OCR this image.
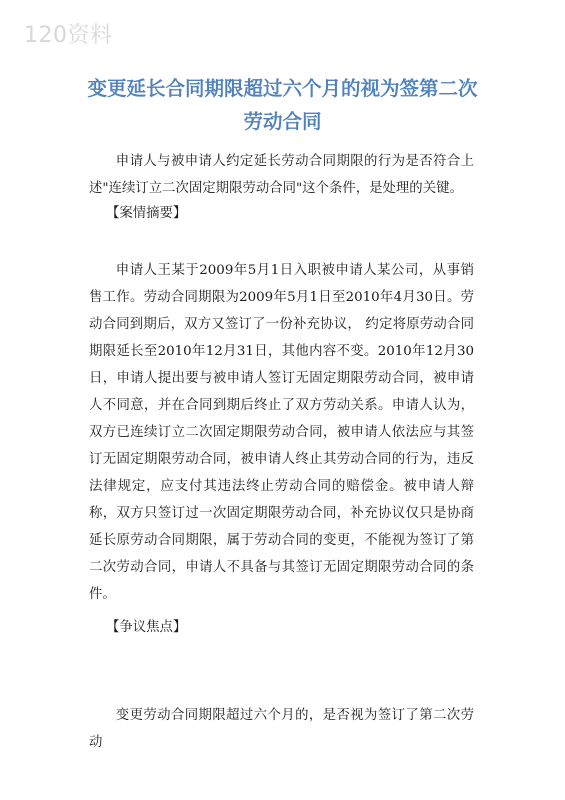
120资料
变更延长合同期限超过六个月的视为签第二次劳动合同

申请人与被申请人约定延长劳动合同期限的行为是否符合上述"连续订立二次固定期限劳动合同"这个条件，是处理的关键。

【案情摘要】

申请人王某于2009年5月1日入职被申请人某公司，从事销售工作。劳动合同期限为2009年5月1日至2010年4月30日。劳动合同到期后，双方又签订了一份补充协议， 约定将原劳动合同期限延长至2010年12月31日，其他内容不变。2010年12月30日，申请人提出要与被申请人签订无固定期限劳动合同，被申请人不同意，并在合同到期后终止了双方劳动关系。申请人认为，双方已连续订立二次固定期限劳动合同，被申请人依法应与其签订无固定期限劳动合同，被申请人终止其劳动合同的行为，违反法律规定，应支付其违法终止劳动合同的赔偿金。被申请人辩称，双方只签订过一次固定期限劳动合同，补充协议仅只是协商延长原劳动合同期限，属于劳动合同的变更，不能视为签订了第二次劳动合同，申请人不具备与其签订无固定期限劳动合同的条件。

【争议焦点】

变更劳动合同期限超过六个月的，是否视为签订了第二次劳动
